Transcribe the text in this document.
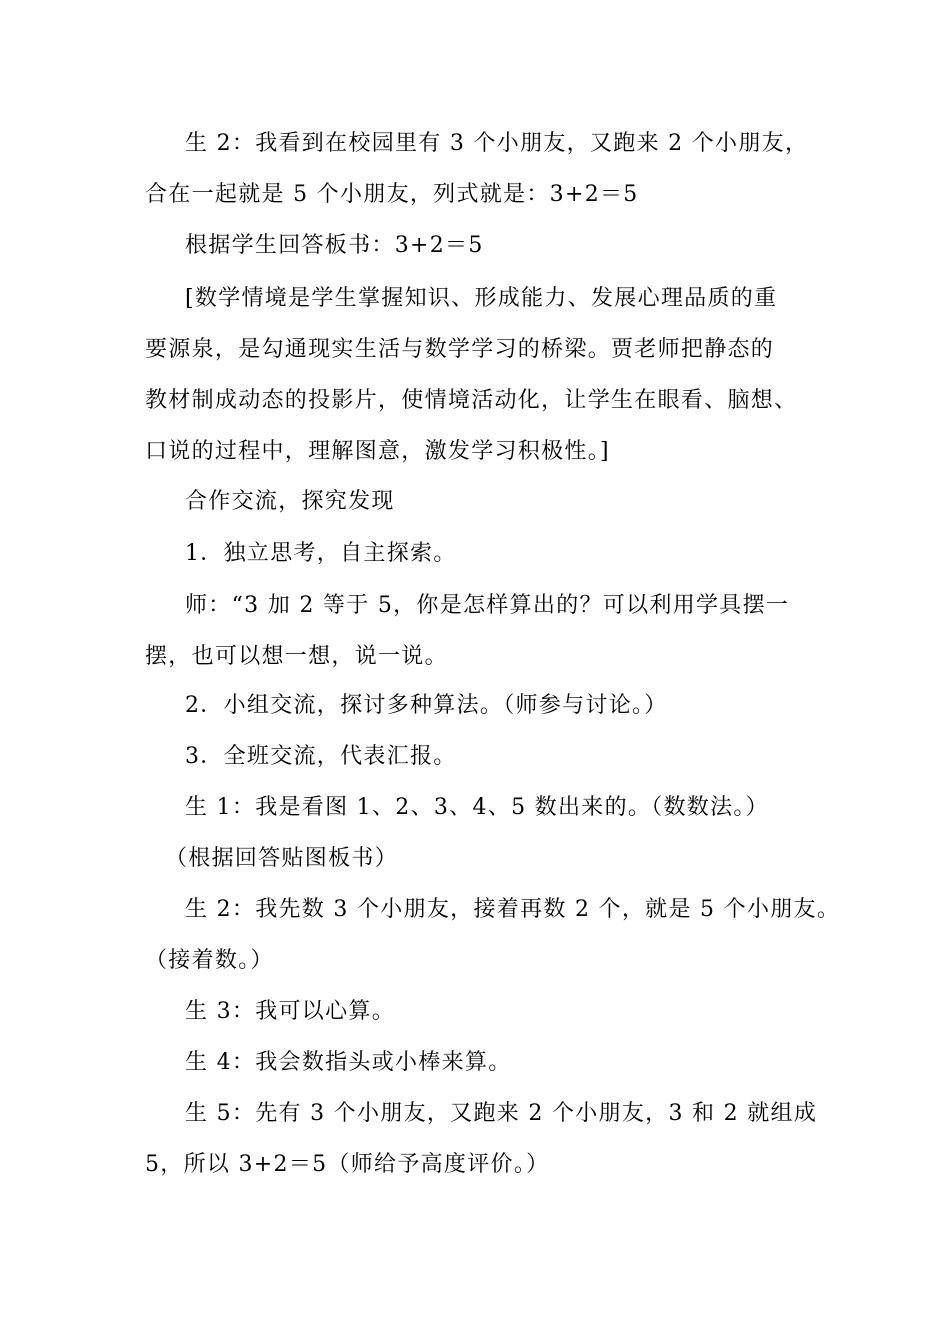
生 2：我看到在校园里有 3 个小朋友，又跑来 2 个小朋友，
合在一起就是 5 个小朋友，列式就是：3+2＝5
根据学生回答板书：3+2＝5
[数学情境是学生掌握知识、形成能力、发展心理品质的重
要源泉，是勾通现实生活与数学学习的桥梁。贾老师把静态的
教材制成动态的投影片，使情境活动化，让学生在眼看、脑想、
口说的过程中，理解图意，激发学习积极性。]
合作交流，探究发现
1．独立思考，自主探索。
师：“3 加 2 等于 5，你是怎样算出的？可以利用学具摆一
摆，也可以想一想，说一说。
2．小组交流，探讨多种算法。（师参与讨论。）
3．全班交流，代表汇报。
生 1：我是看图 1、2、3、4、5 数出来的。（数数法。）
（根据回答贴图板书）
生 2：我先数 3 个小朋友，接着再数 2 个，就是 5 个小朋友。
（接着数。）
生 3：我可以心算。
生 4：我会数指头或小棒来算。
生 5：先有 3 个小朋友，又跑来 2 个小朋友，3 和 2 就组成
5，所以 3+2＝5（师给予高度评价。）
